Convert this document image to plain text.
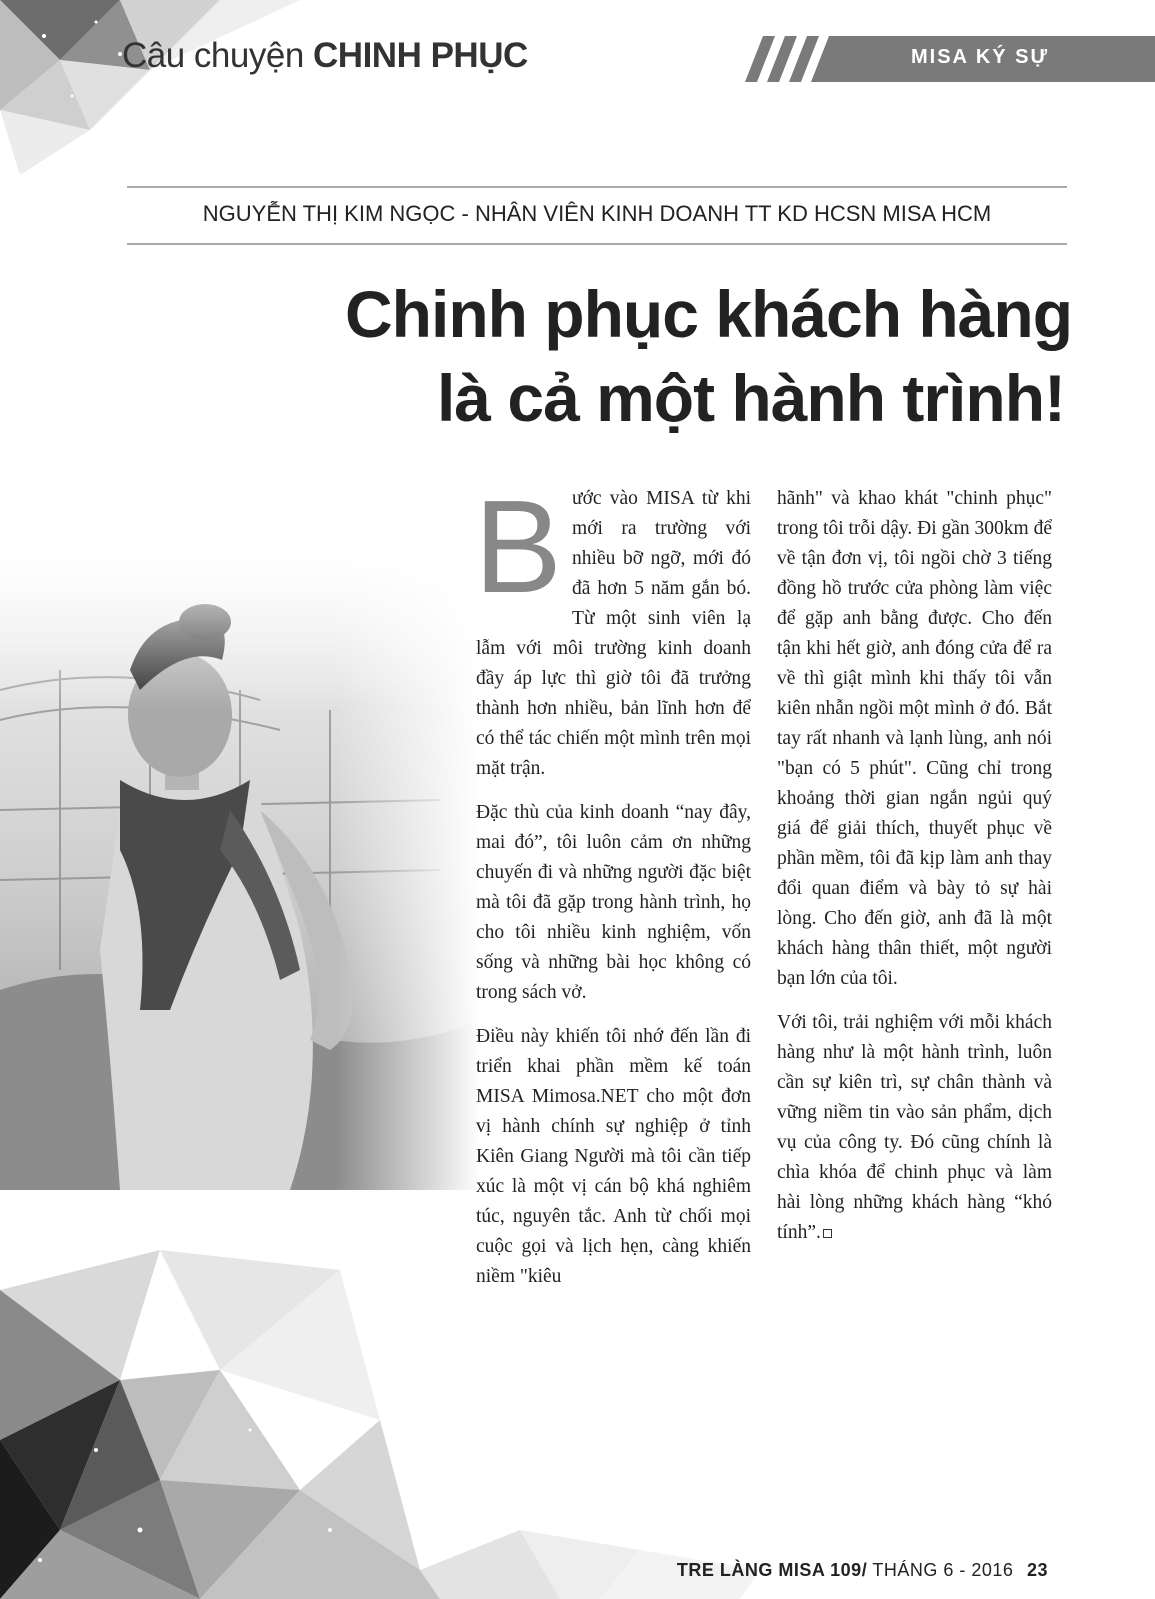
Câu chuyện CHINH PHỤC	MISA KÝ SỰ
NGUYỄN THỊ KIM NGỌC - NHÂN VIÊN KINH DOANH TT KD HCSN MISA HCM
Chinh phục khách hàng
là cả một hành trình!

Bước vào MISA từ khi mới ra trường với nhiều bỡ ngỡ, mới đó đã hơn 5 năm gắn bó. Từ một sinh viên lạ lẫm với môi trường kinh doanh đầy áp lực thì giờ tôi đã trưởng thành hơn nhiều, bản lĩnh hơn để có thể tác chiến một mình trên mọi mặt trận.

Đặc thù của kinh doanh “nay đây, mai đó”, tôi luôn cảm ơn những chuyến đi và những người đặc biệt mà tôi đã gặp trong hành trình, họ cho tôi nhiều kinh nghiệm, vốn sống và những bài học không có trong sách vở.

Điều này khiến tôi nhớ đến lần đi triển khai phần mềm kế toán MISA Mimosa.NET cho một đơn vị hành chính sự nghiệp ở tỉnh Kiên Giang Người mà tôi cần tiếp xúc là một vị cán bộ khá nghiêm túc, nguyên tắc. Anh từ chối mọi cuộc gọi và lịch hẹn, càng khiến niềm "kiêu

hãnh" và khao khát "chinh phục" trong tôi trỗi dậy. Đi gần 300km để về tận đơn vị, tôi ngồi chờ 3 tiếng đồng hồ trước cửa phòng làm việc để gặp anh bằng được. Cho đến tận khi hết giờ, anh đóng cửa để ra về thì giật mình khi thấy tôi vẫn kiên nhẫn ngồi một mình ở đó. Bắt tay rất nhanh và lạnh lùng, anh nói "bạn có 5 phút". Cũng chỉ trong khoảng thời gian ngắn ngủi quý giá để giải thích, thuyết phục về phần mềm, tôi đã kịp làm anh thay đổi quan điểm và bày tỏ sự hài lòng. Cho đến giờ, anh đã là một khách hàng thân thiết, một người bạn lớn của tôi.

Với tôi, trải nghiệm với mỗi khách hàng như là một hành trình, luôn cần sự kiên trì, sự chân thành và vững niềm tin vào sản phẩm, dịch vụ của công ty. Đó cũng chính là chìa khóa để chinh phục và làm hài lòng những khách hàng “khó tính”.

TRE LÀNG MISA 109/ THÁNG 6 - 2016 23
